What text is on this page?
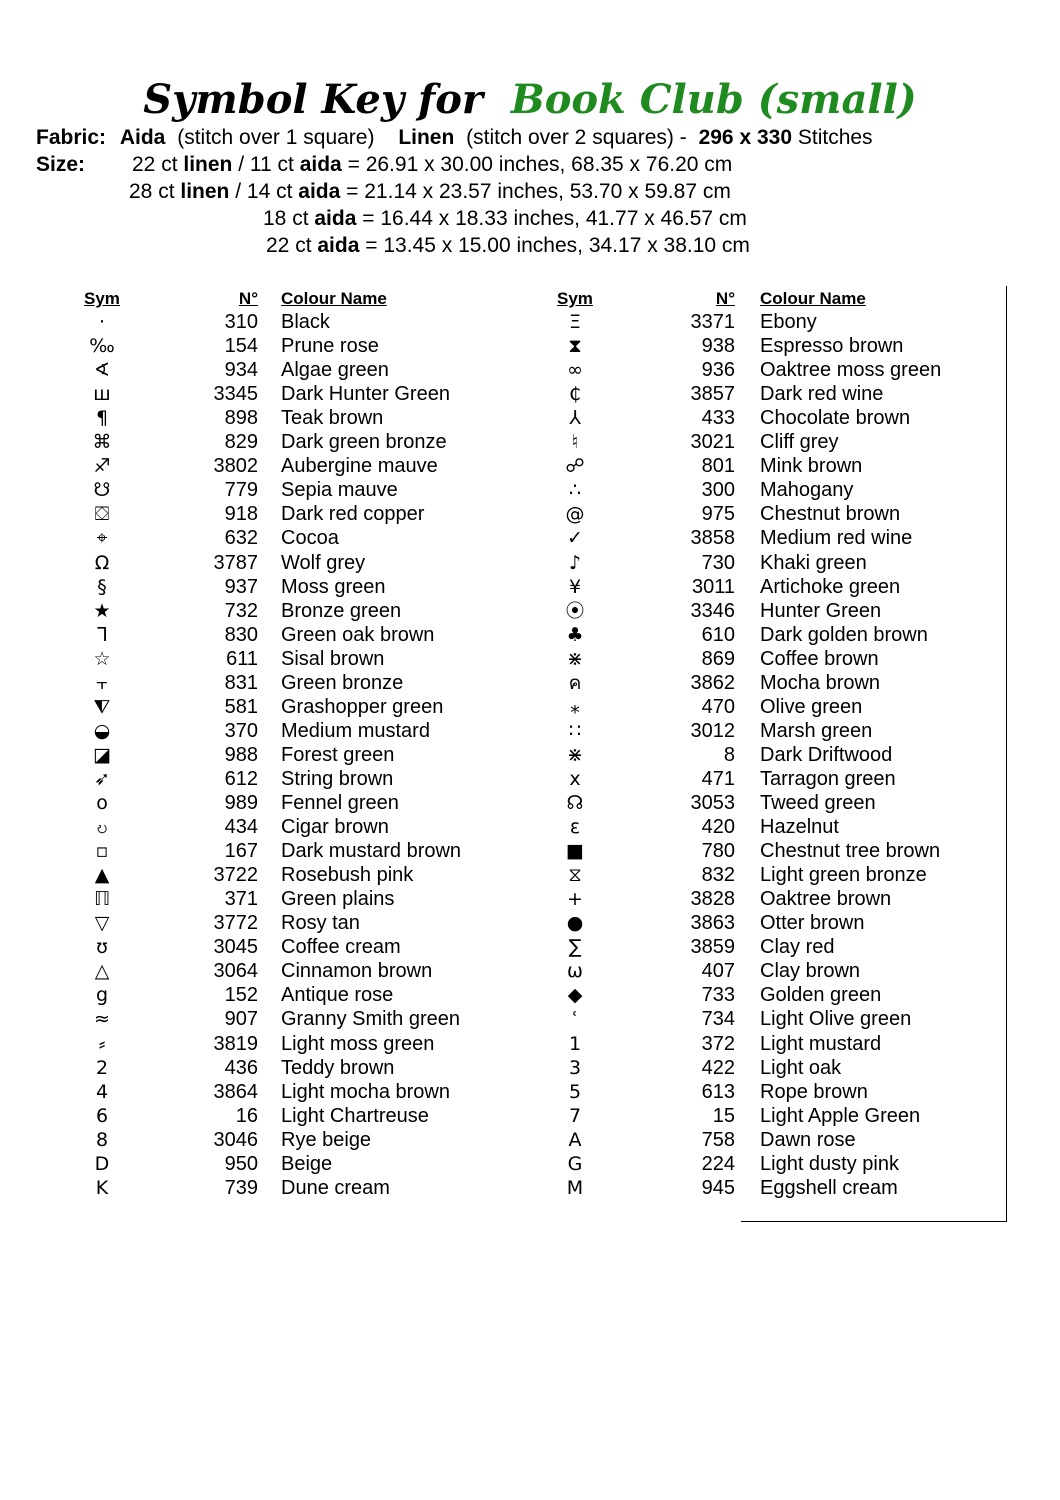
Symbol Key for Book Club (small)
Fabric: Aida (stitch over 1 square) Linen (stitch over 2 squares) - 296 x 330 Stitches
Size: 22 ct linen / 11 ct aida = 26.91 x 30.00 inches, 68.35 x 76.20 cm
28 ct linen / 14 ct aida = 21.14 x 23.57 inches, 53.70 x 59.87 cm
18 ct aida = 16.44 x 18.33 inches, 41.77 x 46.57 cm
22 ct aida = 13.45 x 15.00 inches, 34.17 x 38.10 cm
Sym	N° Colour Name	Sym	N° Colour Name
·	310 Black
‰	154 Prune rose
∢	934 Algae green
ш	3345 Dark Hunter Green
¶	898 Teak brown
⌘	829 Dark green bronze
♐	3802 Aubergine mauve
☋	779 Sepia mauve
⛋	918 Dark red copper
⌖	632 Cocoa
Ω	3787 Wolf grey
§	937 Moss green
★	732 Bronze green
ᒣ	830 Green oak brown
☆	611 Sisal brown
⫟	831 Green bronze
⧨	581 Grashopper green
◒	370 Medium mustard
◪	988 Forest green
➶	612 String brown
o	989 Fennel green
ဎ	434 Cigar brown
▫	167 Dark mustard brown
▲	3722 Rosebush pink
ℿ	371 Green plains
▽	3772 Rosy tan
ʊ	3045 Coffee cream
△	3064 Cinnamon brown
g	152 Antique rose
≈	907 Granny Smith green
⸗	3819 Light moss green
2	436 Teddy brown
4	3864 Light mocha brown
6	16 Light Chartreuse
8	3046 Rye beige
D	950 Beige
K	739 Dune cream
Ξ	3371 Ebony
⧗	938 Espresso brown
∞	936 Oaktree moss green
₵	3857 Dark red wine
⅄	433 Chocolate brown
♮	3021 Cliff grey
☍	801 Mink brown
∴	300 Mahogany
@	975 Chestnut brown
✓	3858 Medium red wine
♪	730 Khaki green
¥	3011 Artichoke green
⦿	3346 Hunter Green
♣	610 Dark golden brown
⋇	869 Coffee brown
ค	3862 Mocha brown
⁎	470 Olive green
∷	3012 Marsh green
⋇	8 Dark Driftwood
x	471 Tarragon green
☊	3053 Tweed green
ε	420 Hazelnut
■	780 Chestnut tree brown
⧖	832 Light green bronze
+	3828 Oaktree brown
●	3863 Otter brown
∑	3859 Clay red
ω	407 Clay brown
◆	733 Golden green
ʿ	734 Light Olive green
1	372 Light mustard
3	422 Light oak
5	613 Rope brown
7	15 Light Apple Green
A	758 Dawn rose
G	224 Light dusty pink
M	945 Eggshell cream
